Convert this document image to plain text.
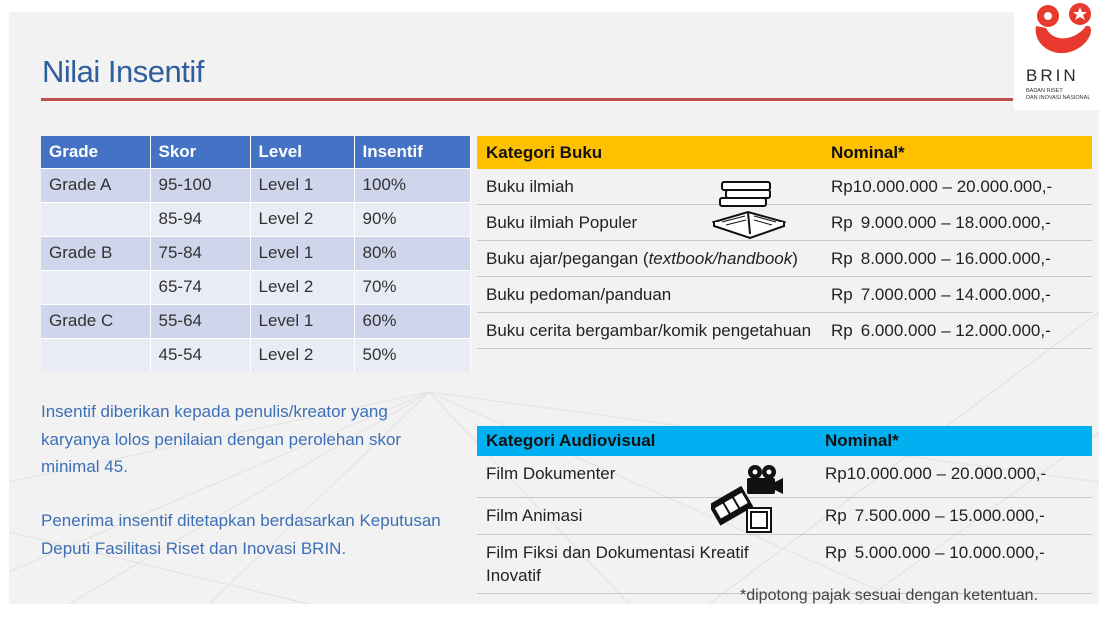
Nilai Insentif
Grade	Skor	Level	Insentif
Grade A	95-100	Level 1	100%
	85-94	Level 2	90%
Grade B	75-84	Level 1	80%
	65-74	Level 2	70%
Grade C	55-64	Level 1	60%
	45-54	Level 2	50%
Insentif diberikan kepada penulis/kreator yang karyanya lolos penilaian dengan perolehan skor minimal 45.
Penerima insentif ditetapkan berdasarkan Keputusan Deputi Fasilitasi Riset dan Inovasi BRIN.
Kategori Buku	Nominal*
Buku ilmiah	Rp10.000.000 – 20.000.000,-
Buku ilmiah Populer	Rp 9.000.000 – 18.000.000,-
Buku ajar/pegangan (textbook/handbook)	Rp 8.000.000 – 16.000.000,-
Buku pedoman/panduan	Rp 7.000.000 – 14.000.000,-
Buku cerita bergambar/komik pengetahuan	Rp 6.000.000 – 12.000.000,-
Kategori Audiovisual	Nominal*
Film Dokumenter	Rp10.000.000 – 20.000.000,-
Film Animasi	Rp 7.500.000 – 15.000.000,-
Film Fiksi dan Dokumentasi Kreatif Inovatif	Rp 5.000.000 – 10.000.000,-
*dipotong pajak sesuai dengan ketentuan.
BRIN
BADAN RISET
DAN INOVASI NASIONAL
